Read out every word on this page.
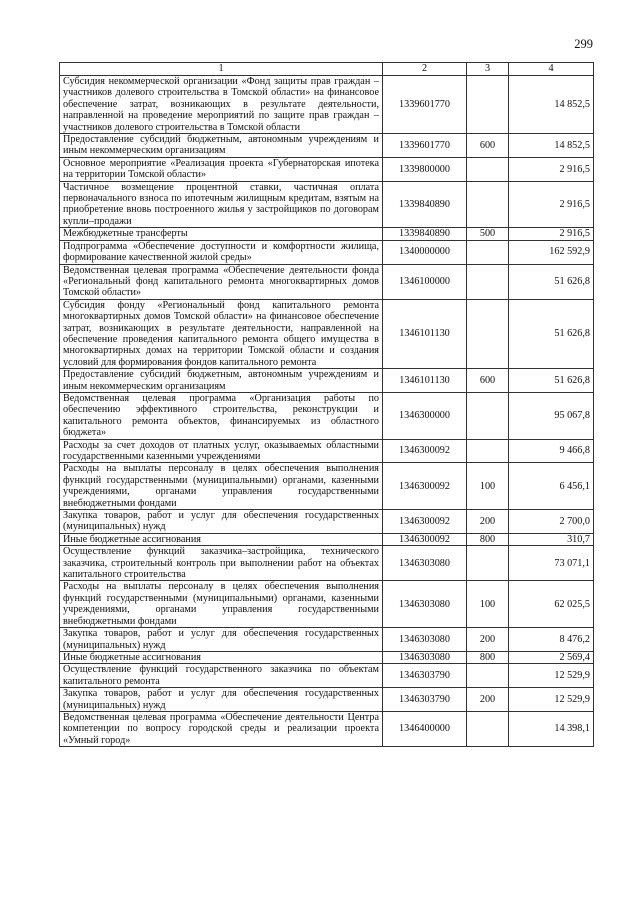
299
1	2	3	4
Субсидия некоммерческой организации «Фонд защиты прав граждан – участников долевого строительства в Томской области» на финансовое обеспечение затрат, возникающих в результате деятельности, направленной на проведение мероприятий по защите прав граждан – участников долевого строительства в Томской области	1339601770		14 852,5
Предоставление субсидий бюджетным, автономным учреждениям и иным некоммерческим организациям	1339601770	600	14 852,5
Основное мероприятие «Реализация проекта «Губернаторская ипотека на территории Томской области»	1339800000		2 916,5
Частичное возмещение процентной ставки, частичная оплата первоначального взноса по ипотечным жилищным кредитам, взятым на приобретение вновь построенного жилья у застройщиков по договорам купли–продажи	1339840890		2 916,5
Межбюджетные трансферты	1339840890	500	2 916,5
Подпрограмма «Обеспечение доступности и комфортности жилища, формирование качественной жилой среды»	1340000000		162 592,9
Ведомственная целевая программа «Обеспечение деятельности фонда «Региональный фонд капитального ремонта многоквартирных домов Томской области»	1346100000		51 626,8
Субсидия фонду «Региональный фонд капитального ремонта многоквартирных домов Томской области» на финансовое обеспечение затрат, возникающих в результате деятельности, направленной на обеспечение проведения капитального ремонта общего имущества в многоквартирных домах на территории Томской области и создания условий для формирования фондов капитального ремонта	1346101130		51 626,8
Предоставление субсидий бюджетным, автономным учреждениям и иным некоммерческим организациям	1346101130	600	51 626,8
Ведомственная целевая программа «Организация работы по обеспечению эффективного строительства, реконструкции и капитального ремонта объектов, финансируемых из областного бюджета»	1346300000		95 067,8
Расходы за счет доходов от платных услуг, оказываемых областными государственными казенными учреждениями	1346300092		9 466,8
Расходы на выплаты персоналу в целях обеспечения выполнения функций государственными (муниципальными) органами, казенными учреждениями, органами управления государственными внебюджетными фондами	1346300092	100	6 456,1
Закупка товаров, работ и услуг для обеспечения государственных (муниципальных) нужд	1346300092	200	2 700,0
Иные бюджетные ассигнования	1346300092	800	310,7
Осуществление функций заказчика–застройщика, технического заказчика, строительный контроль при выполнении работ на объектах капитального строительства	1346303080		73 071,1
Расходы на выплаты персоналу в целях обеспечения выполнения функций государственными (муниципальными) органами, казенными учреждениями, органами управления государственными внебюджетными фондами	1346303080	100	62 025,5
Закупка товаров, работ и услуг для обеспечения государственных (муниципальных) нужд	1346303080	200	8 476,2
Иные бюджетные ассигнования	1346303080	800	2 569,4
Осуществление функций государственного заказчика по объектам капитального ремонта	1346303790		12 529,9
Закупка товаров, работ и услуг для обеспечения государственных (муниципальных) нужд	1346303790	200	12 529,9
Ведомственная целевая программа «Обеспечение деятельности Центра компетенции по вопросу городской среды и реализации проекта «Умный город»	1346400000		14 398,1
